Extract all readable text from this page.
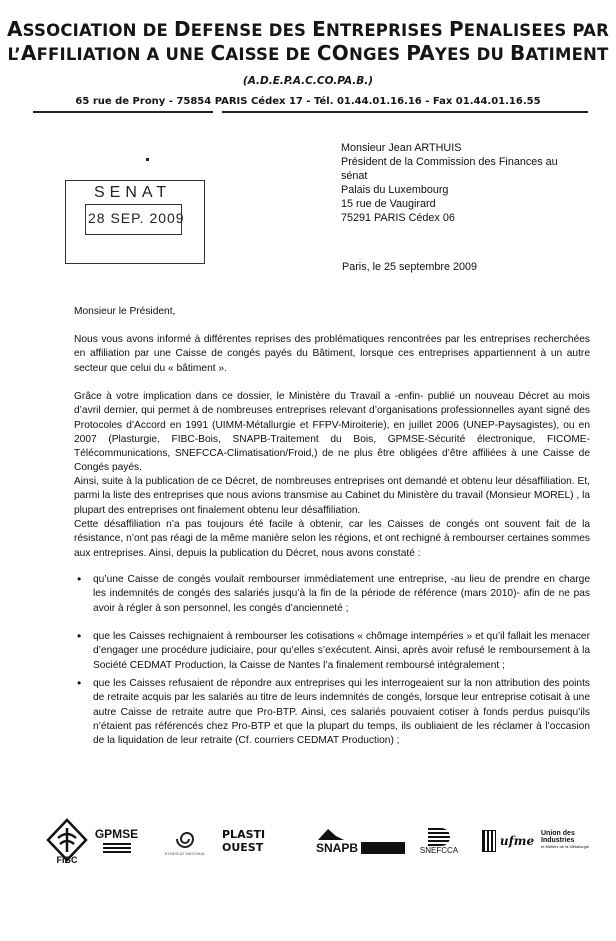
ASSOCIATION DE DEFENSE DES ENTREPRISES PENALISEES PAR
L’AFFILIATION A UNE CAISSE DE CONGES PAYES DU BATIMENT
(A.D.E.P.A.C.CO.PA.B.)
65 rue de Prony - 75854 PARIS Cédex 17 - Tél. 01.44.01.16.16 - Fax 01.44.01.16.55
SENAT
28 SEP. 2009
Monsieur Jean ARTHUIS
Président de la Commission des Finances au
sénat
Palais du Luxembourg
15 rue de Vaugirard
75291 PARIS Cédex 06
Paris, le 25 septembre 2009
Monsieur le Président,
Nous vous avons informé à différentes reprises des problématiques rencontrées par les entreprises recherchées en affiliation par une Caisse de congés payés du Bâtiment, lorsque ces entreprises appartiennent à un autre secteur que celui du « bâtiment ».
Grâce à votre implication dans ce dossier, le Ministère du Travail a -enfin- publié un nouveau Décret au mois d’avril dernier, qui permet à de nombreuses entreprises relevant d’organisations professionnelles ayant signé des Protocoles d’Accord en 1991 (UIMM-Métallurgie et FFPV-Miroiterie), en juillet 2006 (UNEP-Paysagistes), ou en 2007 (Plasturgie, FIBC-Bois, SNAPB-Traitement du Bois, GPMSE-Sécurité électronique, FICOME-Télécommunications, SNEFCCA-Climatisation/Froid,) de ne plus être obligées d’être affiliées à une Caisse de Congés payés.
Ainsi, suite à la publication de ce Décret, de nombreuses entreprises ont demandé et obtenu leur désaffiliation. Et, parmi la liste des entreprises que nous avions transmise au Cabinet du Ministère du travail (Monsieur MOREL) , la plupart des entreprises ont finalement obtenu leur désaffiliation.
Cette désaffiliation n’a pas toujours été facile à obtenir, car les Caisses de congés ont souvent fait de la résistance, n’ont pas réagi de la même manière selon les régions, et ont rechigné à rembourser certaines sommes aux entreprises. Ainsi, depuis la publication du Décret, nous avons constaté :
• qu’une Caisse de congés voulait rembourser immédiatement une entreprise, -au lieu de prendre en charge les indemnités de congés des salariés jusqu’à la fin de la période de référence (mars 2010)- afin de ne pas avoir à régler à son personnel, les congés d’ancienneté ;
• que les Caisses rechignaient à rembourser les cotisations « chômage intempéries » et qu’il fallait les menacer d’engager une procédure judiciaire, pour qu’elles s’exécutent. Ainsi, après avoir refusé le remboursement à la Société CEDMAT Production, la Caisse de Nantes l’a finalement remboursé intégralement ;
• que les Caisses refusaient de répondre aux entreprises qui les interrogeaient sur la non attribution des points de retraite acquis par les salariés au titre de leurs indemnités de congés, lorsque leur entreprise cotisait à une autre Caisse de retraite autre que Pro-BTP. Ainsi, ces salariés pouvaient cotiser à fonds perdus puisqu’ils n’étaient pas référencés chez Pro-BTP et que la plupart du temps, ils oubliaient de les réclamer à l’occasion de la liquidation de leur retraite (Cf. courriers CEDMAT Production) ;
FIBC
GPMSE
SYNDICAT NATIONAL
PLASTI OUEST	SNAPB	SNEFCCA
ufme
Union des
Industries
et Métiers de la Métallurgie
